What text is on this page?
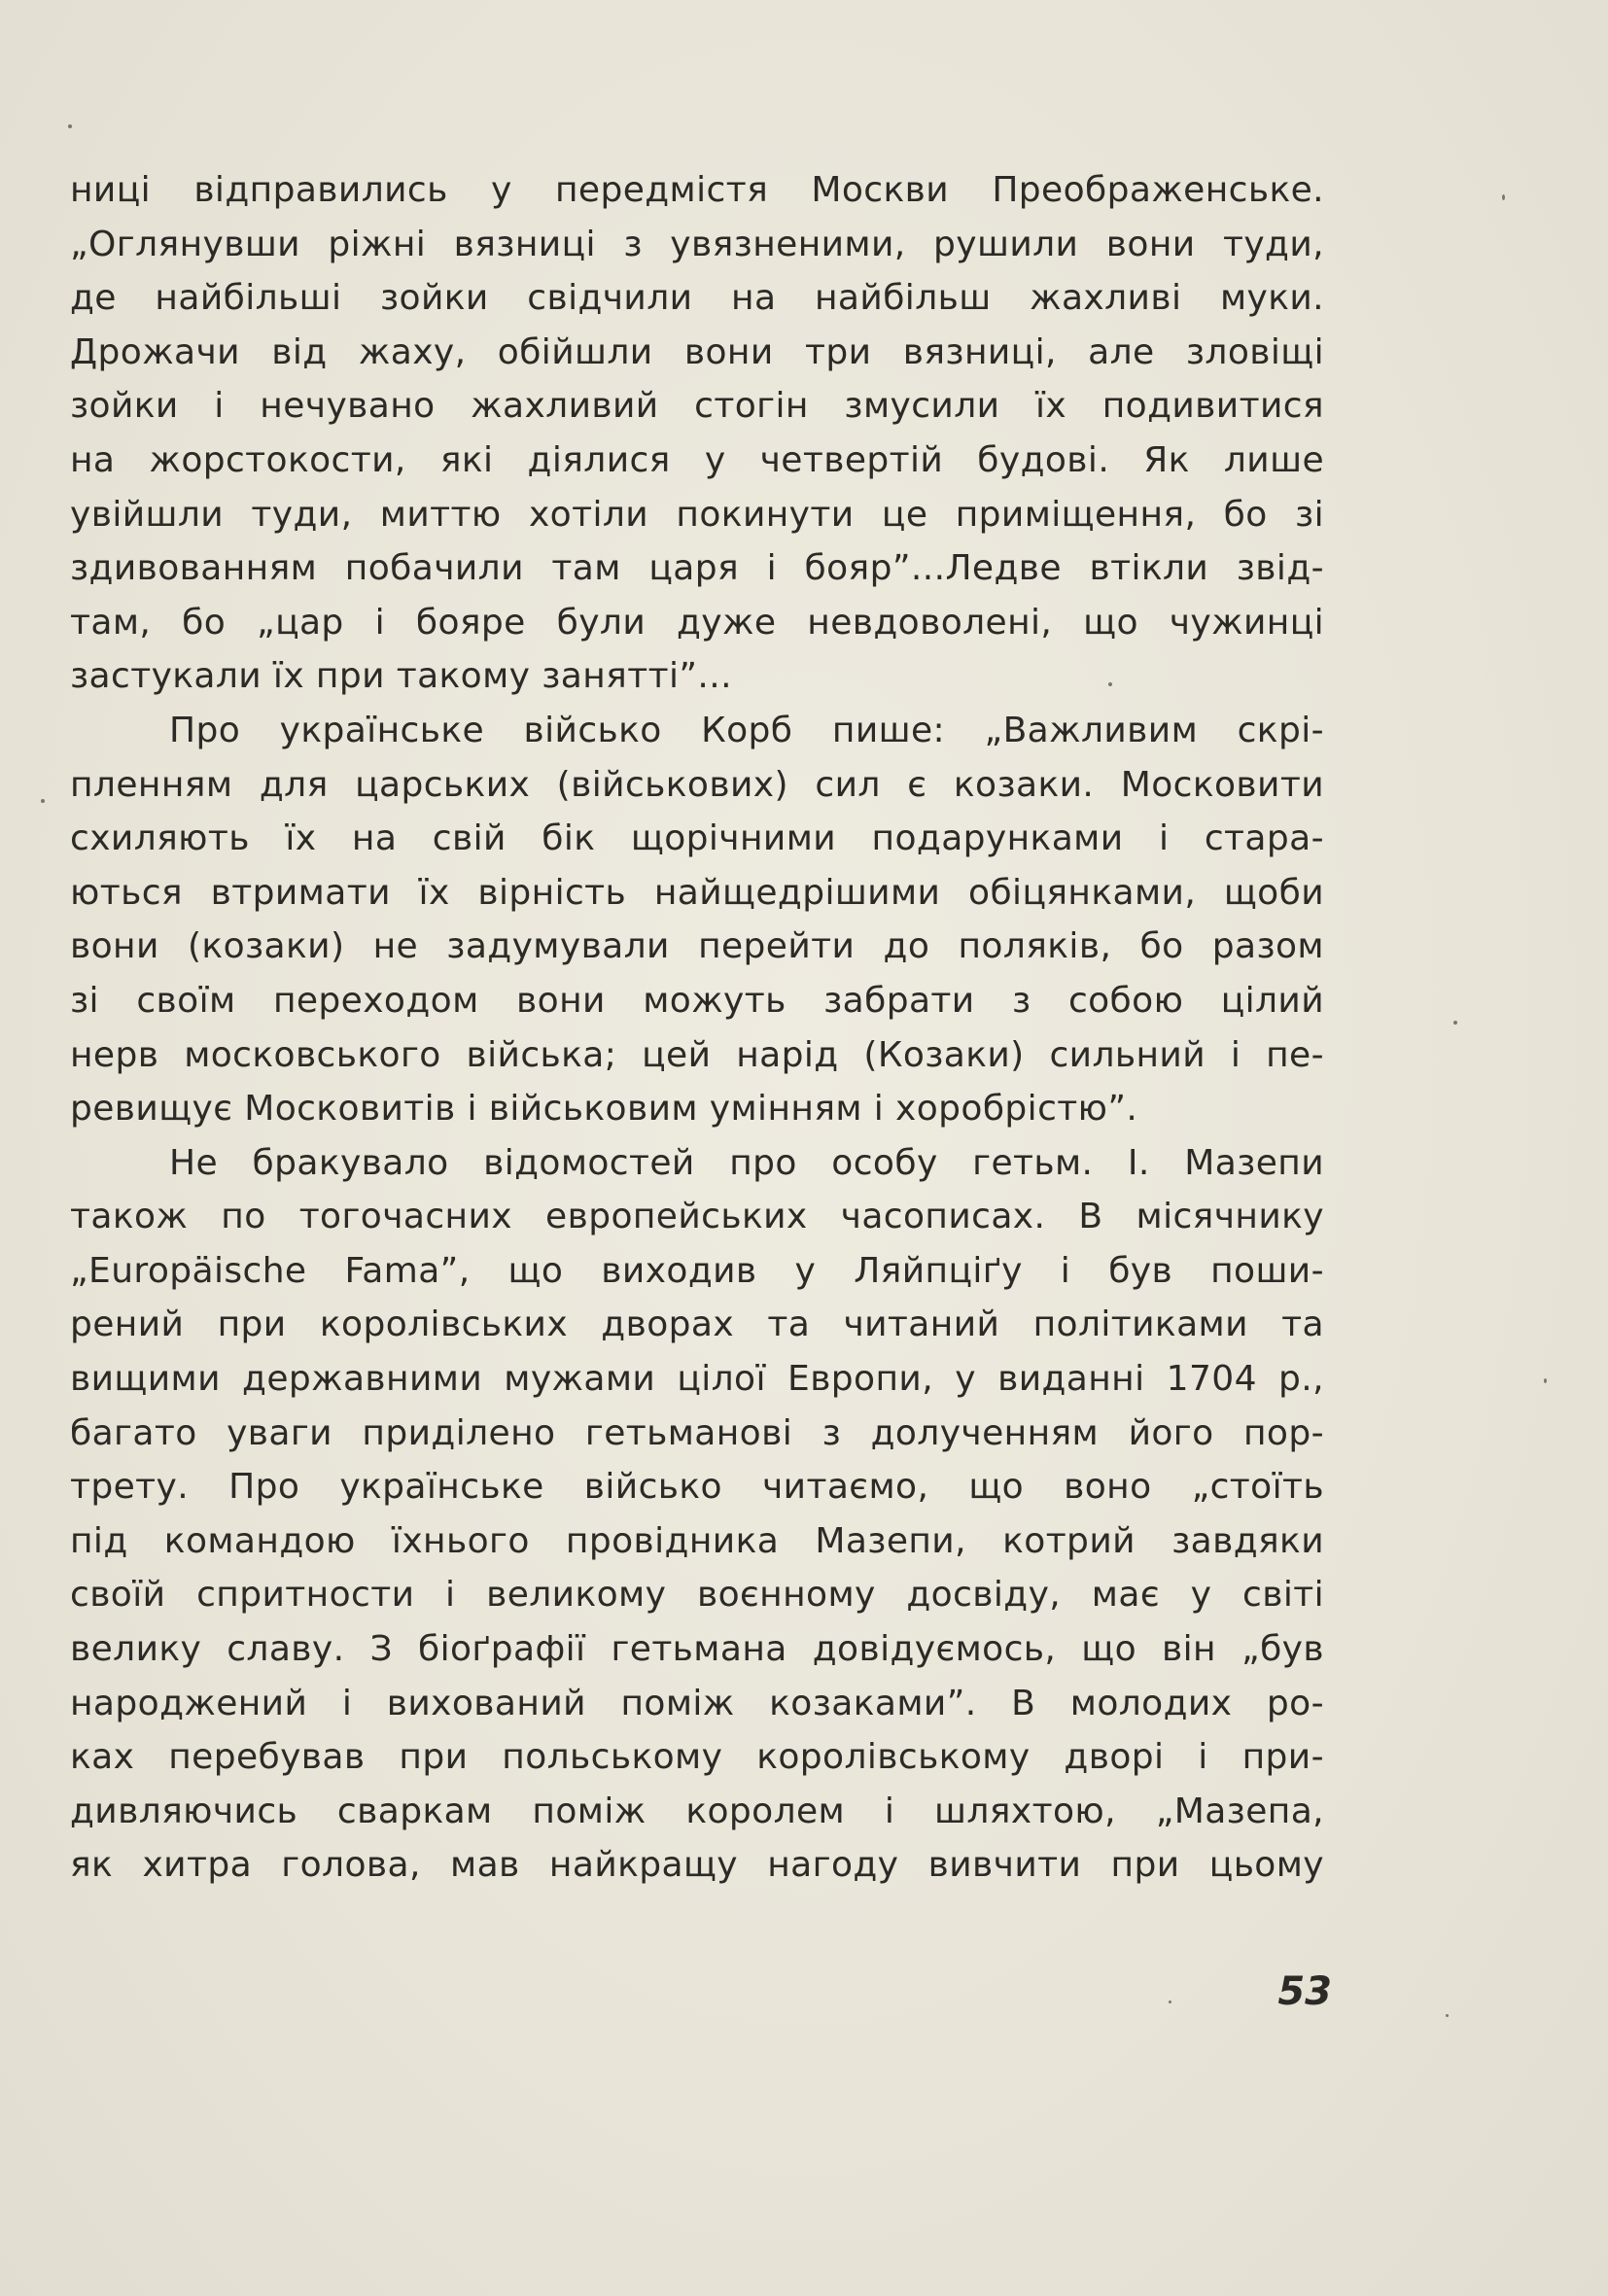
ниці відправились у передмістя Москви Преображенське.
„Оглянувши ріжні вязниці з увязненими, рушили вони туди,
де найбільші зойки свідчили на найбільш жахливі муки.
Дрожачи від жаху, обійшли вони три вязниці, але зловіщі
зойки і нечувано жахливий стогін змусили їх подивитися
на жорстокости, які діялися у четвертій будові. Як лише
увійшли туди, миттю хотіли покинути це приміщення, бо зі
здивованням побачили там царя і бояр”...Ледве втікли звід-
там, бо „цар і бояре були дуже невдоволені, що чужинці
застукали їх при такому занятті”...
Про українське військо Корб пише: „Важливим скрі-
пленням для царських (військових) сил є козаки. Московити
схиляють їх на свій бік щорічними подарунками і стара-
ються втримати їх вірність найщедрішими обіцянками, щоби
вони (козаки) не задумували перейти до поляків, бо разом
зі своїм переходом вони можуть забрати з собою цілий
нерв московського війська; цей нарід (Козаки) сильний і пе-
ревищує Московитів і військовим умінням і хоробрістю”.
Не бракувало відомостей про особу гетьм. І. Мазепи
також по тогочасних европейських часописах. В місячнику
„Europäische Fama”, що виходив у Ляйпціґу і був поши-
рений при королівських дворах та читаний політиками та
вищими державними мужами цілої Европи, у виданні 1704 р.,
багато уваги приділено гетьманові з долученням його пор-
трету. Про українське військо читаємо, що воно „стоїть
під командою їхнього провідника Мазепи, котрий завдяки
своїй спритности і великому воєнному досвіду, має у світі
велику славу. З біоґрафії гетьмана довідуємось, що він „був
народжений і вихований поміж козаками”. В молодих ро-
ках перебував при польському королівському дворі і при-
дивляючись сваркам поміж королем і шляхтою, „Мазепа,
як хитра голова, мав найкращу нагоду вивчити при цьому
53
